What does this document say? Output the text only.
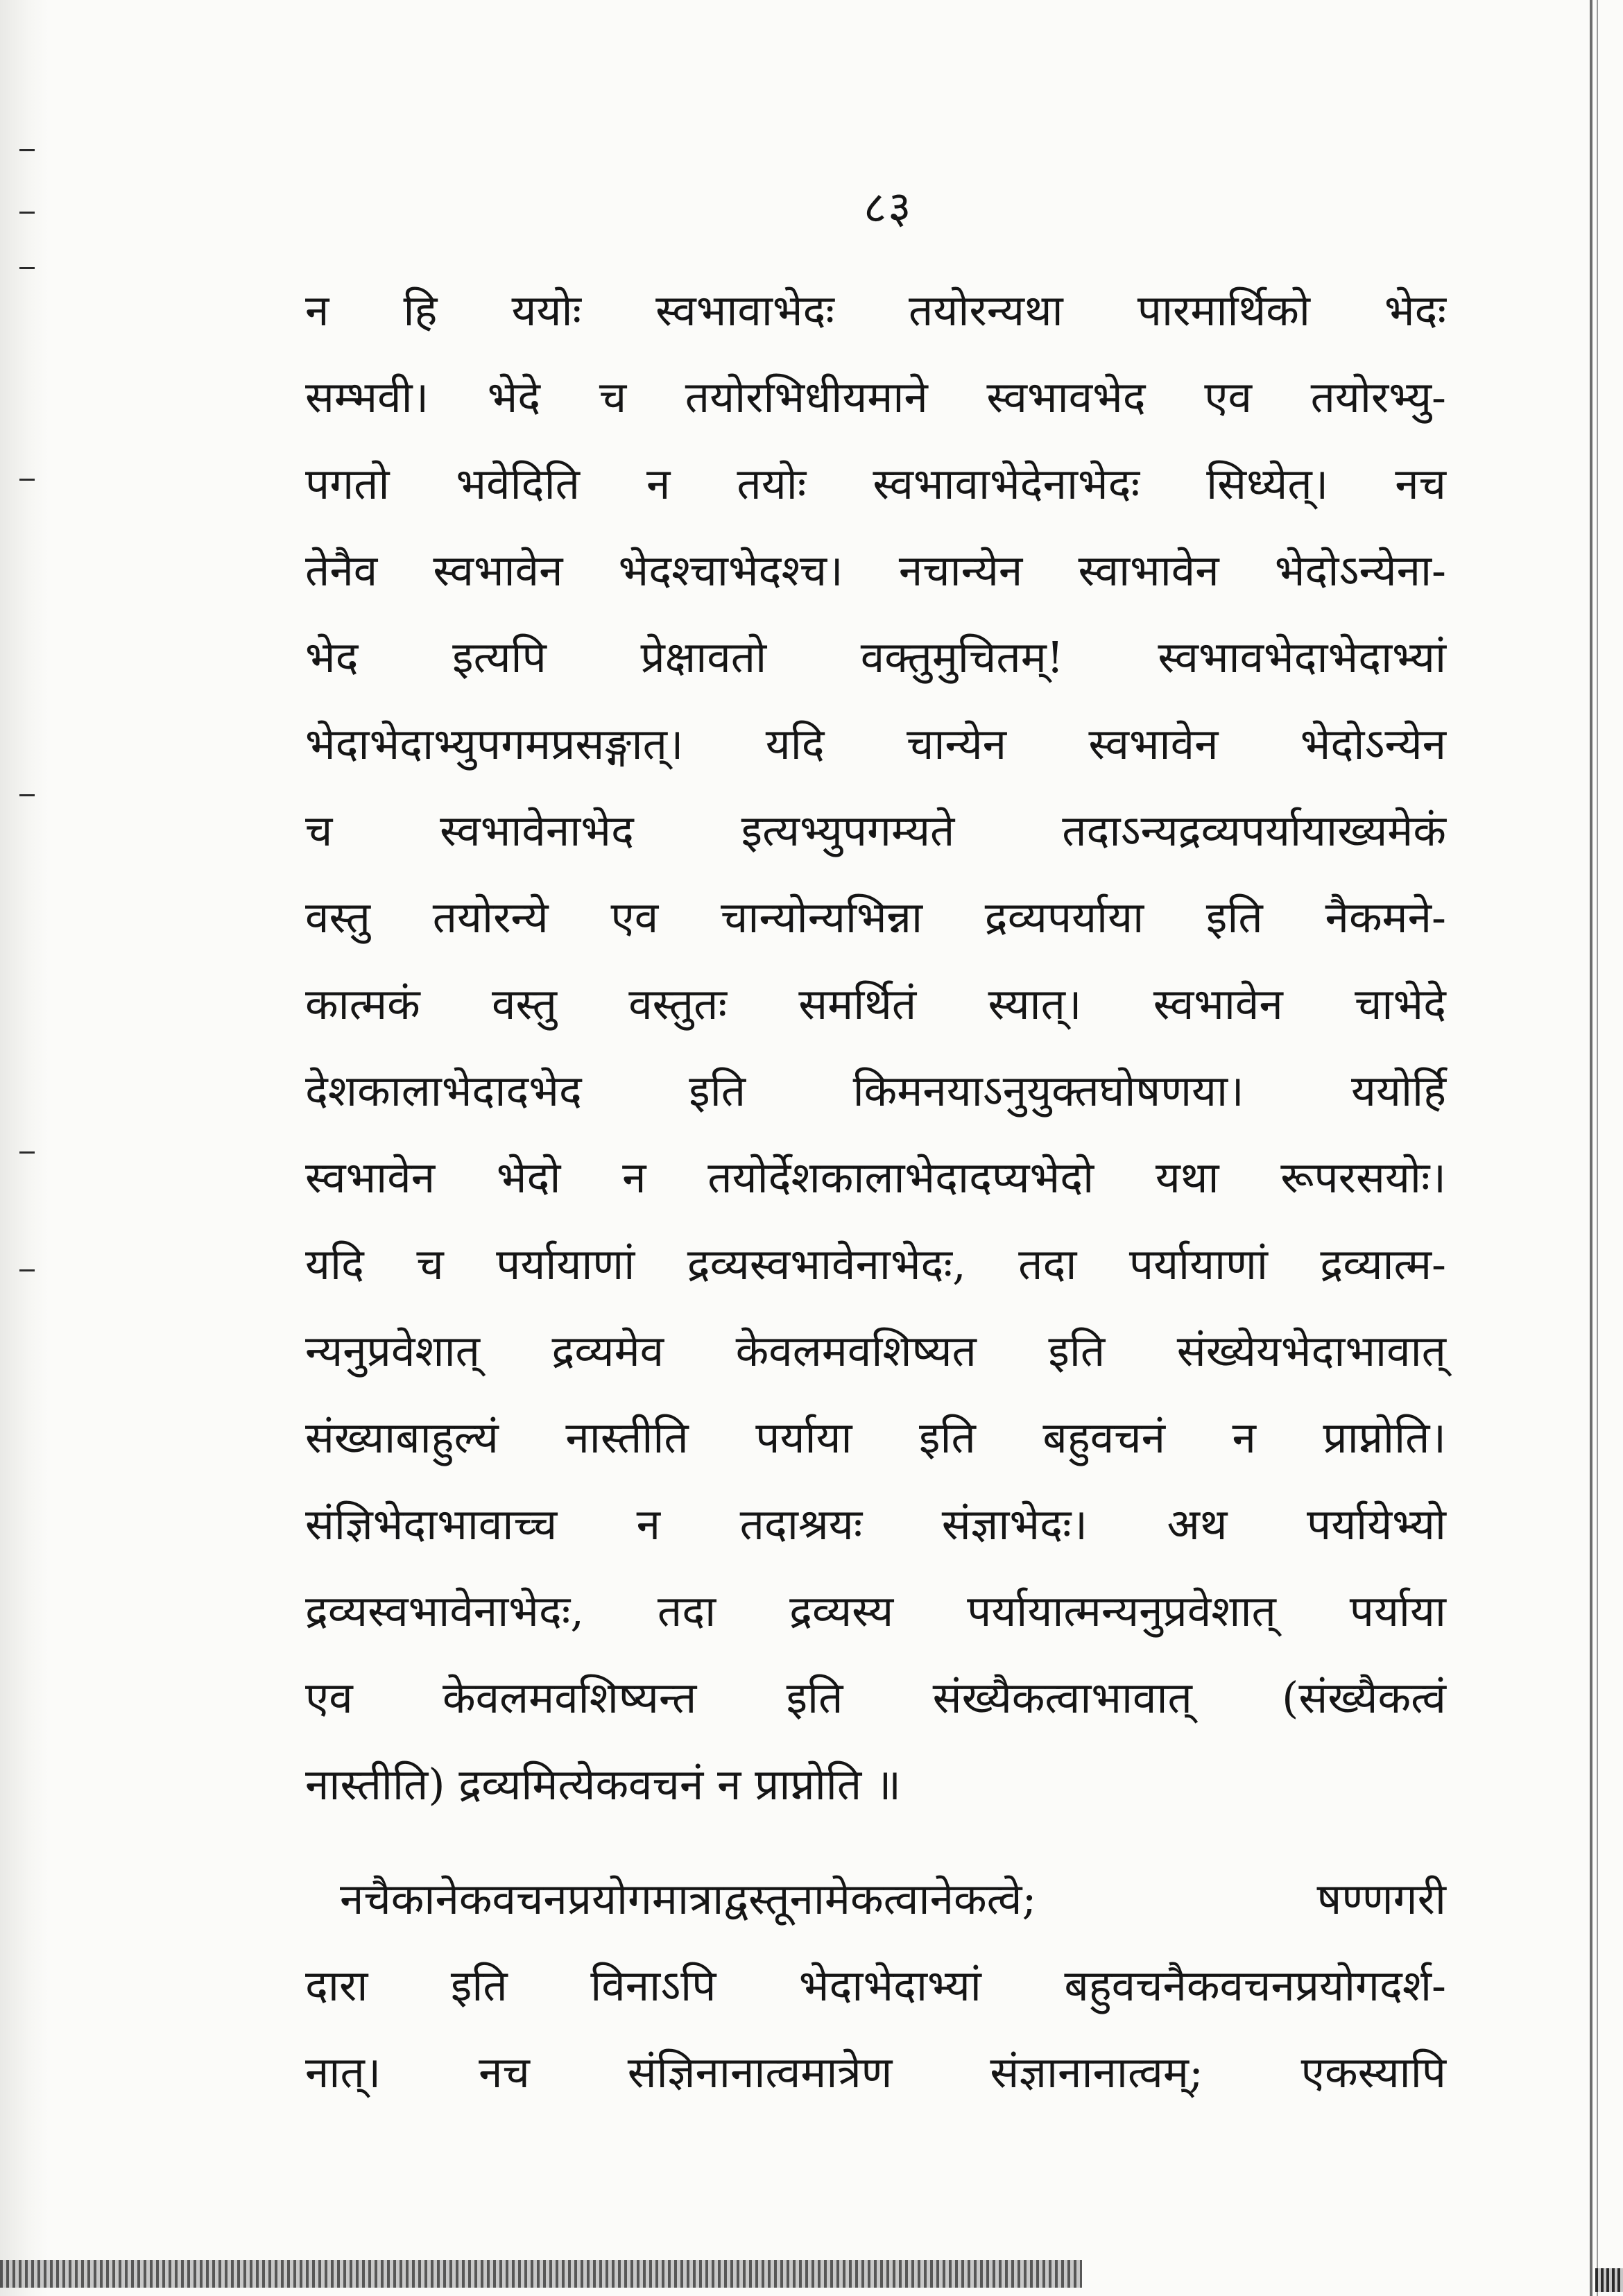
८३
न हि ययोः स्वभावाभेदः तयोरन्यथा पारमार्थिको भेदः
सम्भवी। भेदे च तयोरभिधीयमाने स्वभावभेद एव तयोरभ्यु-
पगतो भवेदिति न तयोः स्वभावाभेदेनाभेदः सिध्येत्। नच
तेनैव स्वभावेन भेदश्चाभेदश्च। नचान्येन स्वाभावेन भेदोऽन्येना-
भेद इत्यपि प्रेक्षावतो वक्तुमुचितम्! स्वभावभेदाभेदाभ्यां
भेदाभेदाभ्युपगमप्रसङ्गात्। यदि चान्येन स्वभावेन भेदोऽन्येन
च स्वभावेनाभेद इत्यभ्युपगम्यते तदाऽन्यद्रव्यपर्यायाख्यमेकं
वस्तु तयोरन्ये एव चान्योन्यभिन्ना द्रव्यपर्याया इति नैकमने-
कात्मकं वस्तु वस्तुतः समर्थितं स्यात्। स्वभावेन चाभेदे
देशकालाभेदादभेद इति किमनयाऽनुयुक्तघोषणया। ययोर्हि
स्वभावेन भेदो न तयोर्देशकालाभेदादप्यभेदो यथा रूपरसयोः।
यदि च पर्यायाणां द्रव्यस्वभावेनाभेदः, तदा पर्यायाणां द्रव्यात्म-
न्यनुप्रवेशात् द्रव्यमेव केवलमवशिष्यत इति संख्येयभेदाभावात्
संख्याबाहुल्यं नास्तीति पर्याया इति बहुवचनं न प्राप्नोति।
संज्ञिभेदाभावाच्च न तदाश्रयः संज्ञाभेदः। अथ पर्यायेभ्यो
द्रव्यस्वभावेनाभेदः, तदा द्रव्यस्य पर्यायात्मन्यनुप्रवेशात् पर्याया
एव केवलमवशिष्यन्त इति संख्यैकत्वाभावात् (संख्यैकत्वं
नास्तीति) द्रव्यमित्येकवचनं न प्राप्नोति ॥
नचैकानेकवचनप्रयोगमात्राद्वस्तूनामेकत्वानेकत्वे; षण्णगरी
दारा इति विनाऽपि भेदाभेदाभ्यां बहुवचनैकवचनप्रयोगदर्श-
नात्। नच संज्ञिनानात्वमात्रेण संज्ञानानात्वम्; एकस्यापि
